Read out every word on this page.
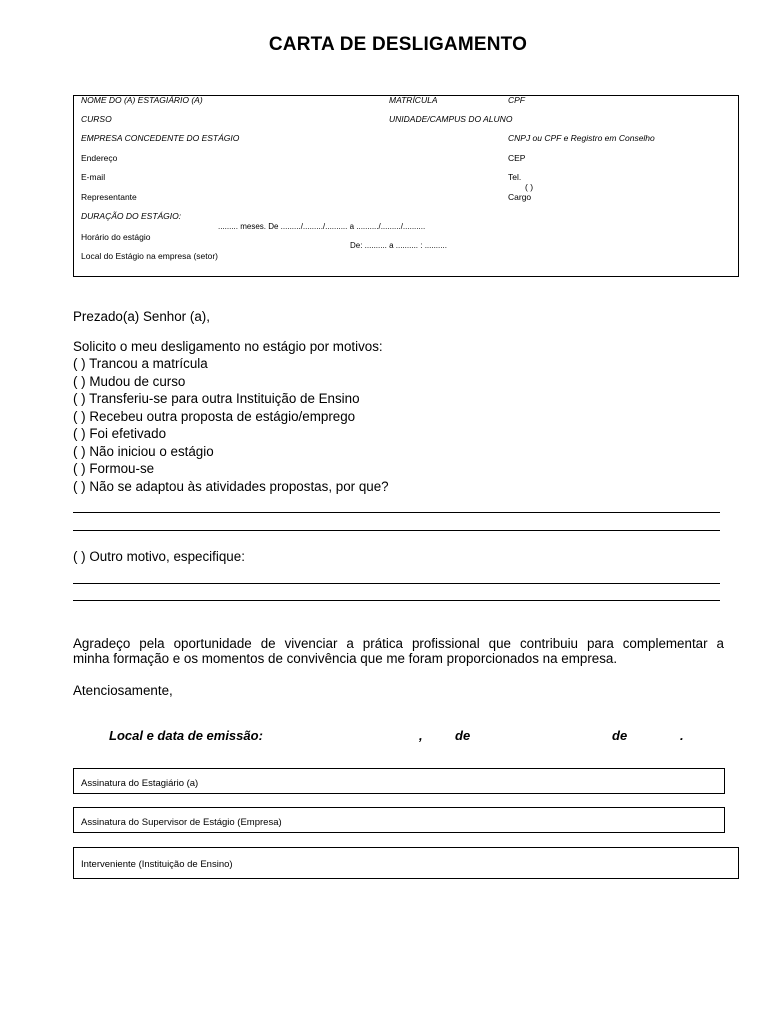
CARTA DE DESLIGAMENTO
NOME DO (A) ESTAGIÁRIO (A)	MATRÍCULA	CPF
CURSO	UNIDADE/CAMPUS DO ALUNO
EMPRESA CONCEDENTE DO ESTÁGIO	CNPJ ou CPF e Registro em Conselho
Endereço	CEP
E-mail	Tel.
( )
Representante	Cargo
DURAÇÃO DO ESTÁGIO:
......... meses. De ........./........./.......... a ........../........./..........
Horário do estágio
De: .......... a .......... : ..........
Local do Estágio na empresa (setor)
Prezado(a) Senhor (a),
Solicito o meu desligamento no estágio por motivos:
( ) Trancou a matrícula
( ) Mudou de curso
( ) Transferiu-se para outra Instituição de Ensino
( ) Recebeu outra proposta de estágio/emprego
( ) Foi efetivado
( ) Não iniciou o estágio
( ) Formou-se
( ) Não se adaptou às atividades propostas, por que?
( ) Outro motivo, especifique:
Agradeço pela oportunidade de vivenciar a prática profissional que contribuiu para complementar a
minha formação e os momentos de convivência que me foram proporcionados na empresa.
Atenciosamente,
Local e data de emissão:	, de	de	.
Assinatura do Estagiário (a)
Assinatura do Supervisor de Estágio (Empresa)
Interveniente (Instituição de Ensino)
